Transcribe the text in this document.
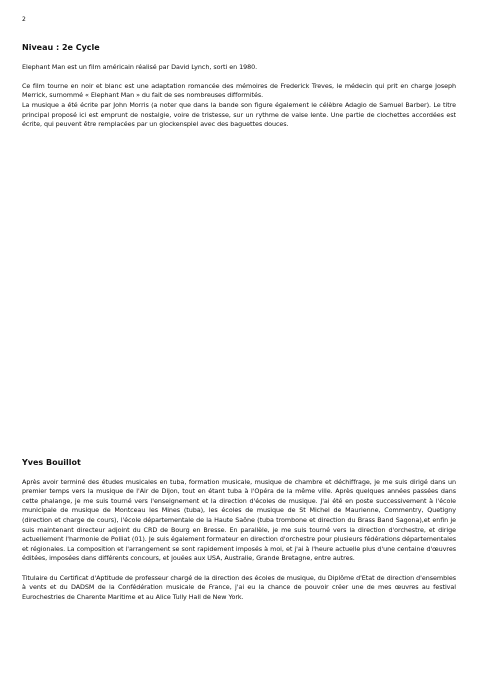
2
Niveau : 2e Cycle

Elephant Man est un film américain réalisé par David Lynch, sorti en 1980.

Ce film tourne en noir et blanc est une adaptation romancée des mémoires de Frederick Treves, le médecin qui prit en charge Joseph Merrick, surnommé « Elephant Man » du fait de ses nombreuses difformités.

La musique a été écrite par John Morris (a noter que dans la bande son figure également le célèbre Adagio de Samuel Barber). Le titre principal proposé ici est emprunt de nostalgie, voire de tristesse, sur un rythme de valse lente. Une partie de clochettes accordées est écrite, qui peuvent être remplacées par un glockenspiel avec des baguettes douces.

Yves Bouillot

Après avoir terminé des études musicales en tuba, formation musicale, musique de chambre et déchiffrage, je me suis dirigé dans un premier temps vers la musique de l'Air de Dijon, tout en étant tuba à l'Opéra de la même ville. Après quelques années passées dans cette phalange, je me suis tourné vers l'enseignement et la direction d'écoles de musique. J'ai été en poste successivement à l'école municipale de musique de Montceau les Mines (tuba), les écoles de musique de St Michel de Maurienne, Commentry, Quetigny (direction et charge de cours), l'école départementale de la Haute Saône (tuba trombone et direction du Brass Band Sagona),et enfin je suis maintenant directeur adjoint du CRD de Bourg en Bresse. En parallèle, je me suis tourné vers la direction d'orchestre, et dirige actuellement l'harmonie de Polliat (01). Je suis également formateur en direction d'orchestre pour plusieurs fédérations départementales et régionales. La composition et l'arrangement se sont rapidement imposés à moi, et j'ai à l'heure actuelle plus d'une centaine d'œuvres éditées, imposées dans différents concours, et jouées aux USA, Australie, Grande Bretagne, entre autres.

Titulaire du Certificat d'Aptitude de professeur chargé de la direction des écoles de musique, du Diplôme d'Etat de direction d'ensembles à vents et du DADSM de la Confédération musicale de France, j'ai eu la chance de pouvoir créer une de mes œuvres au festival Eurochestries de Charente Maritime et au Alice Tully Hall de New York.
